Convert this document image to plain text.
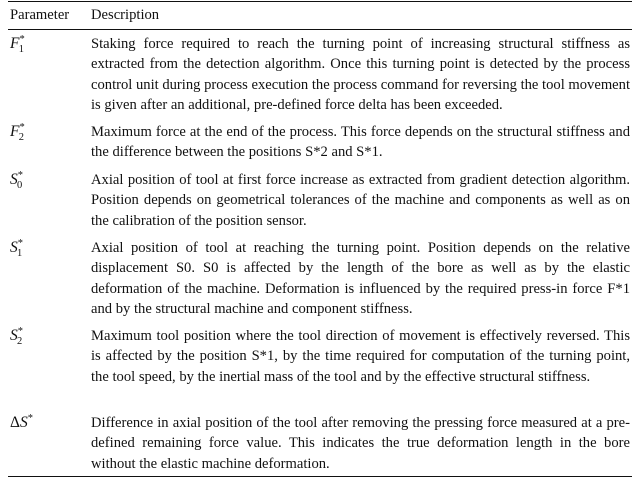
Parameter Description
$F^*_1$	Staking force required to reach the turning point of increasing structural stiffness as extracted from the detection algorithm. Once this turning point is detected by the process control unit during process execution the process command for reversing the tool movement is given after an additional, pre-defined force delta has been exceeded.
$F^*_2$	Maximum force at the end of the process. This force depends on the structural stiffness and the difference between the positions S*2 and S*1.
$S^*_0$	Axial position of tool at first force increase as extracted from gradient detection algorithm. Position depends on geometrical tolerances of the machine and components as well as on the calibration of the position sensor.
$S^*_1$	Axial position of tool at reaching the turning point. Position depends on the relative displacement S0. S0 is affected by the length of the bore as well as by the elastic deformation of the machine. Deformation is influenced by the required press-in force F*1 and by the structural machine and component stiffness.
$S^*_2$	Maximum tool position where the tool direction of movement is effectively reversed. This is affected by the position S*1, by the time required for computation of the turning point, the tool speed, by the inertial mass of the tool and by the effective structural stiffness.
ΔS*	Difference in axial position of the tool after removing the pressing force measured at a pre-defined remaining force value. This indicates the true deformation length in the bore without the elastic machine deformation.
